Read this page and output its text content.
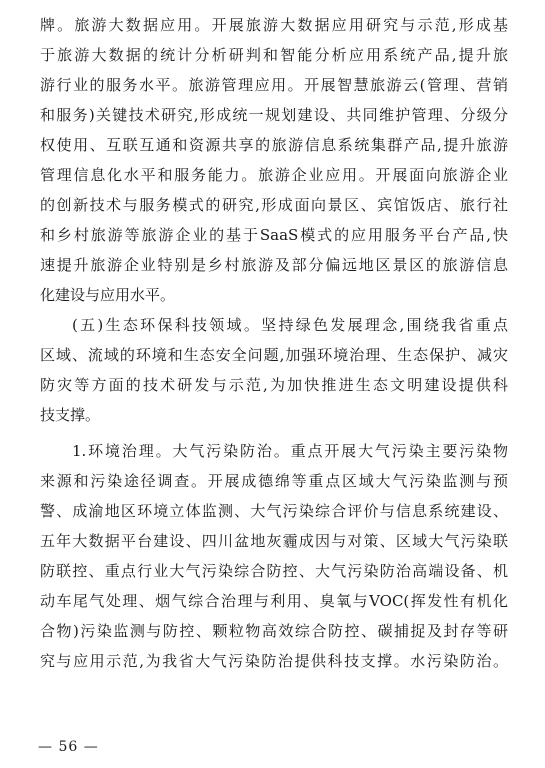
牌。旅游大数据应用。开展旅游大数据应用研究与示范,形成基
于旅游大数据的统计分析研判和智能分析应用系统产品,提升旅
游行业的服务水平。旅游管理应用。开展智慧旅游云(管理、营销
和服务)关键技术研究,形成统一规划建设、共同维护管理、分级分
权使用、互联互通和资源共享的旅游信息系统集群产品,提升旅游
管理信息化水平和服务能力。旅游企业应用。开展面向旅游企业
的创新技术与服务模式的研究,形成面向景区、宾馆饭店、旅行社
和乡村旅游等旅游企业的基于SaaS模式的应用服务平台产品,快
速提升旅游企业特别是乡村旅游及部分偏远地区景区的旅游信息
化建设与应用水平。
(五)生态环保科技领域。坚持绿色发展理念,围绕我省重点
区域、流域的环境和生态安全问题,加强环境治理、生态保护、减灾
防灾等方面的技术研发与示范,为加快推进生态文明建设提供科
技支撑。
1.环境治理。大气污染防治。重点开展大气污染主要污染物
来源和污染途径调查。开展成德绵等重点区域大气污染监测与预
警、成渝地区环境立体监测、大气污染综合评价与信息系统建设、
五年大数据平台建设、四川盆地灰霾成因与对策、区域大气污染联
防联控、重点行业大气污染综合防控、大气污染防治高端设备、机
动车尾气处理、烟气综合治理与利用、臭氧与VOC(挥发性有机化
合物)污染监测与防控、颗粒物高效综合防控、碳捕捉及封存等研
究与应用示范,为我省大气污染防治提供科技支撑。水污染防治。
— 56 —
